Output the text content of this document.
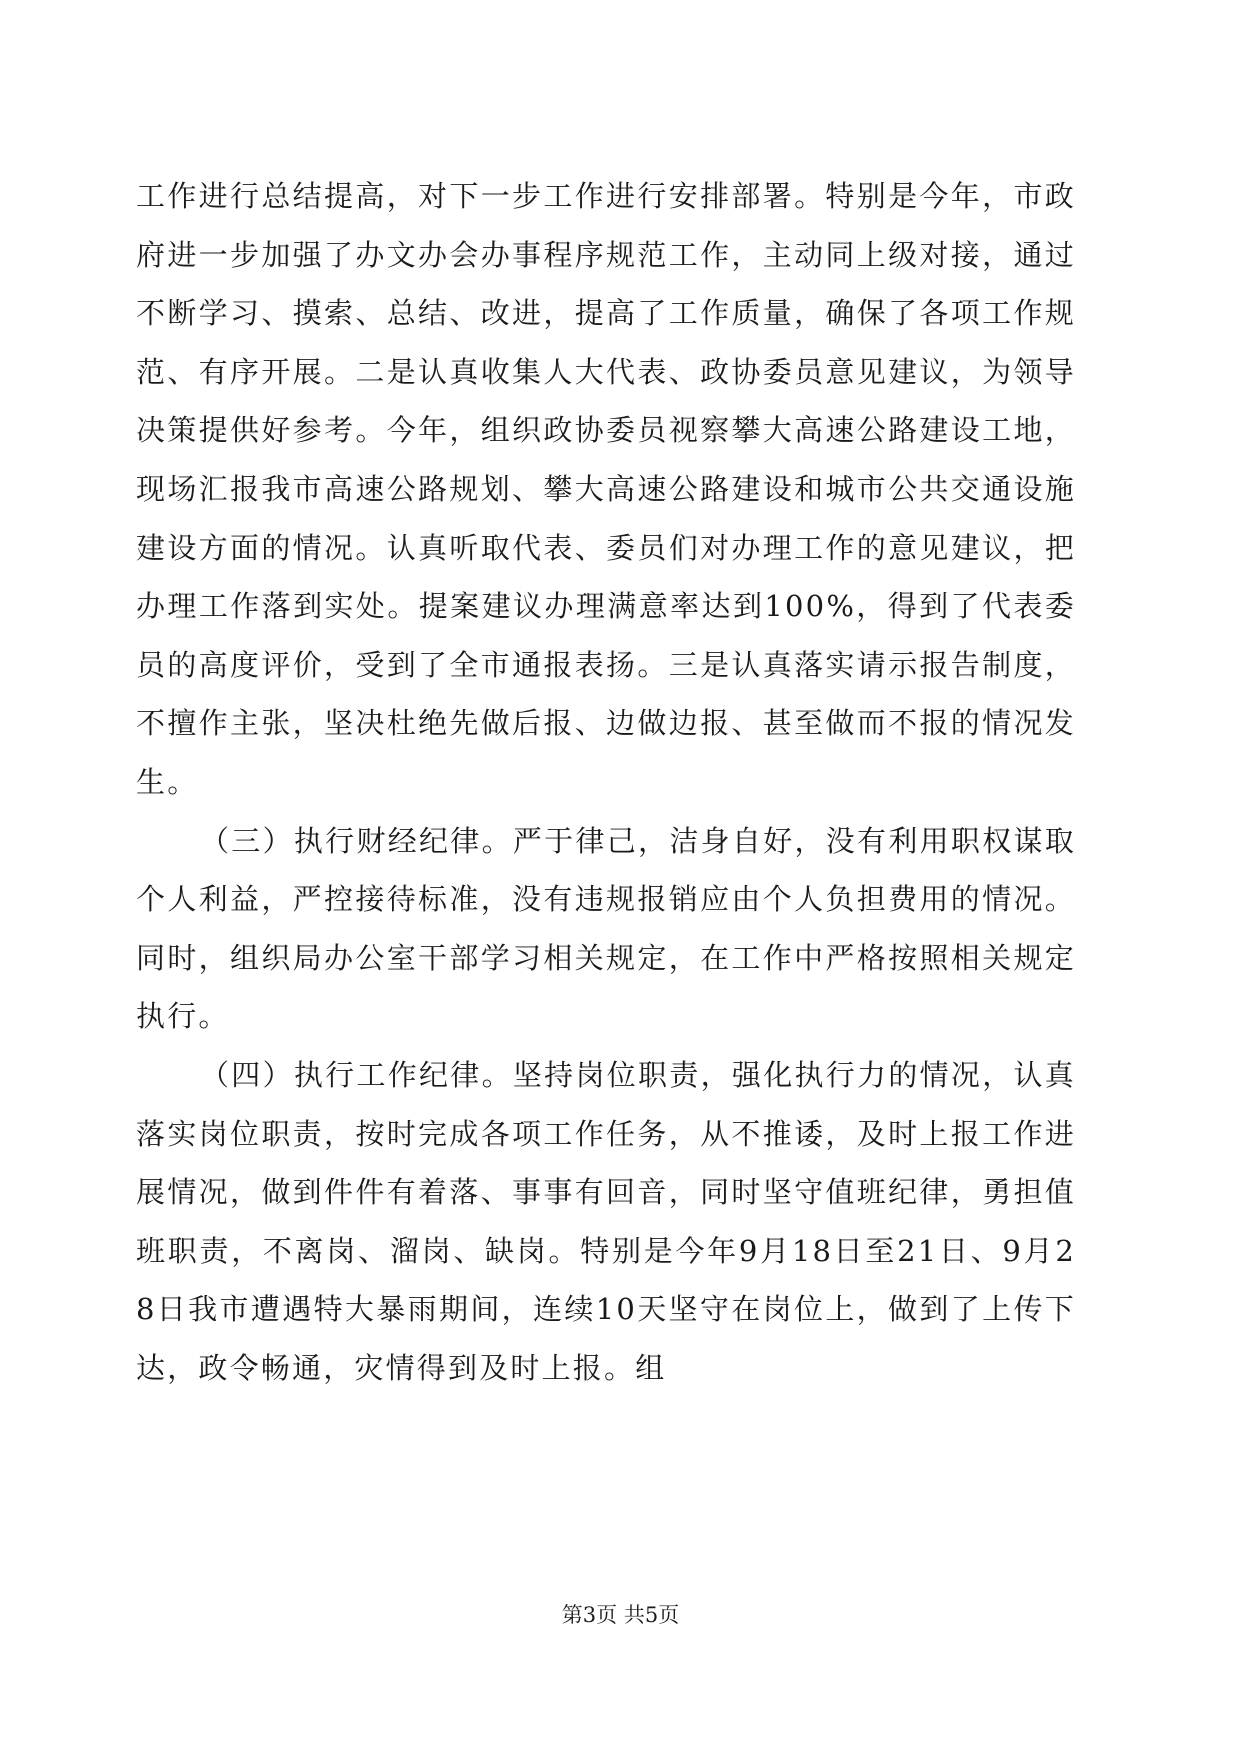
工作进行总结提高，对下一步工作进行安排部署。特别是今年，市政府进一步加强了办文办会办事程序规范工作，主动同上级对接，通过不断学习、摸索、总结、改进，提高了工作质量，确保了各项工作规范、有序开展。二是认真收集人大代表、政协委员意见建议，为领导决策提供好参考。今年，组织政协委员视察攀大高速公路建设工地，现场汇报我市高速公路规划、攀大高速公路建设和城市公共交通设施建设方面的情况。认真听取代表、委员们对办理工作的意见建议，把办理工作落到实处。提案建议办理满意率达到100%，得到了代表委员的高度评价，受到了全市通报表扬。三是认真落实请示报告制度，不擅作主张，坚决杜绝先做后报、边做边报、甚至做而不报的情况发生。

（三）执行财经纪律。严于律己，洁身自好，没有利用职权谋取个人利益，严控接待标准，没有违规报销应由个人负担费用的情况。同时，组织局办公室干部学习相关规定，在工作中严格按照相关规定执行。

（四）执行工作纪律。坚持岗位职责，强化执行力的情况，认真落实岗位职责，按时完成各项工作任务，从不推诿，及时上报工作进展情况，做到件件有着落、事事有回音，同时坚守值班纪律，勇担值班职责，不离岗、溜岗、缺岗。特别是今年9月18日至21日、9月28日我市遭遇特大暴雨期间，连续10天坚守在岗位上，做到了上传下达，政令畅通，灾情得到及时上报。组

第3页 共5页
